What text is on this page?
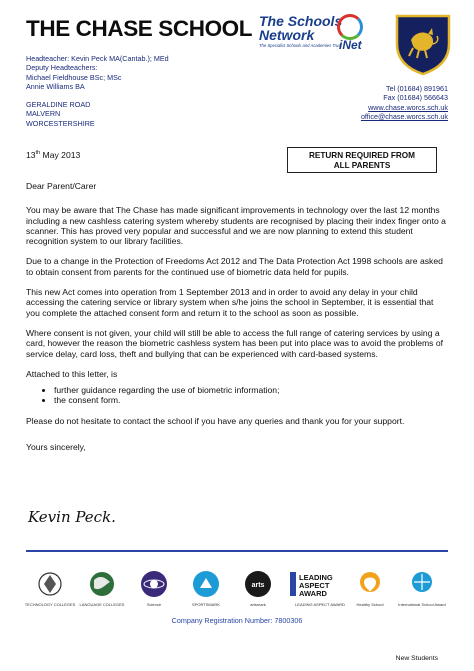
THE CHASE SCHOOL The Schools
Network
The Specialist Schools and Academies Trust
iNet
Headteacher: Kevin Peck MA(Cantab.); MEd
Deputy Headteachers:
Michael Fieldhouse BSc; MSc
Annie Williams BA
GERALDINE ROAD
MALVERN
WORCESTERSHIRE
Tel (01684) 891961
Fax (01684) 566643
www.chase.worcs.sch.uk
office@chase.worcs.sch.uk
13th May 2013	RETURN REQUIRED FROM
ALL PARENTS

Dear Parent/Carer

You may be aware that The Chase has made significant improvements in technology over the last 12 months including a new cashless catering system whereby students are recognised by placing their index finger onto a scanner. This has proved very popular and successful and we are now planning to extend this student recognition system to our library facilities.

Due to a change in the Protection of Freedoms Act 2012 and The Data Protection Act 1998 schools are asked to obtain consent from parents for the continued use of biometric data held for pupils.

This new Act comes into operation from 1 September 2013 and in order to avoid any delay in your child accessing the catering service or library system when s/he joins the school in September, it is essential that you complete the attached consent form and return it to the school as soon as possible.

Where consent is not given, your child will still be able to access the full range of catering services by using a card, however the reason the biometric cashless system has been put into place was to avoid the problems of service delay, card loss, theft and bullying that can be experienced with card-based systems.

Attached to this letter, is

• further guidance regarding the use of biometric information;
• the consent form.

Please do not hesitate to contact the school if you have any queries and thank you for your support.

Yours sincerely,

Kevin Peck.
arts
LEADING
ASPECT
AWARD
TECHNOLOGY COLLEGES LANGUAGE COLLEGES	Science	SPORTSMARK	artsmark	LEADING ASPECT AWARD	Healthy School	International School Award
Company Registration Number: 7800306
New Students
